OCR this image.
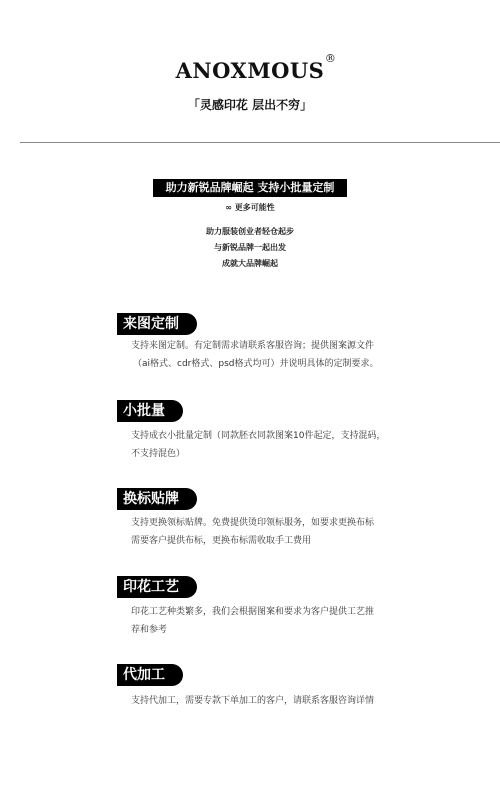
ANOXMOUS ®
「灵感印花 层出不穷」
助力新锐品牌崛起 支持小批量定制
∞ 更多可能性
助力服装创业者轻仓起步
与新锐品牌一起出发
成就大品牌崛起
来图定制
支持来图定制。有定制需求请联系客服咨询；提供图案源文件
（ai格式、cdr格式、psd格式均可）并说明具体的定制要求。
小批量
支持成衣小批量定制（同款胚衣同款图案10件起定，支持混码，
不支持混色）
换标贴牌
支持更换领标贴牌。免费提供烫印领标服务，如要求更换布标
需要客户提供布标，更换布标需收取手工费用
印花工艺
印花工艺种类繁多，我们会根据图案和要求为客户提供工艺推
荐和参考
代加工
支持代加工，需要专款下单加工的客户，请联系客服咨询详情
